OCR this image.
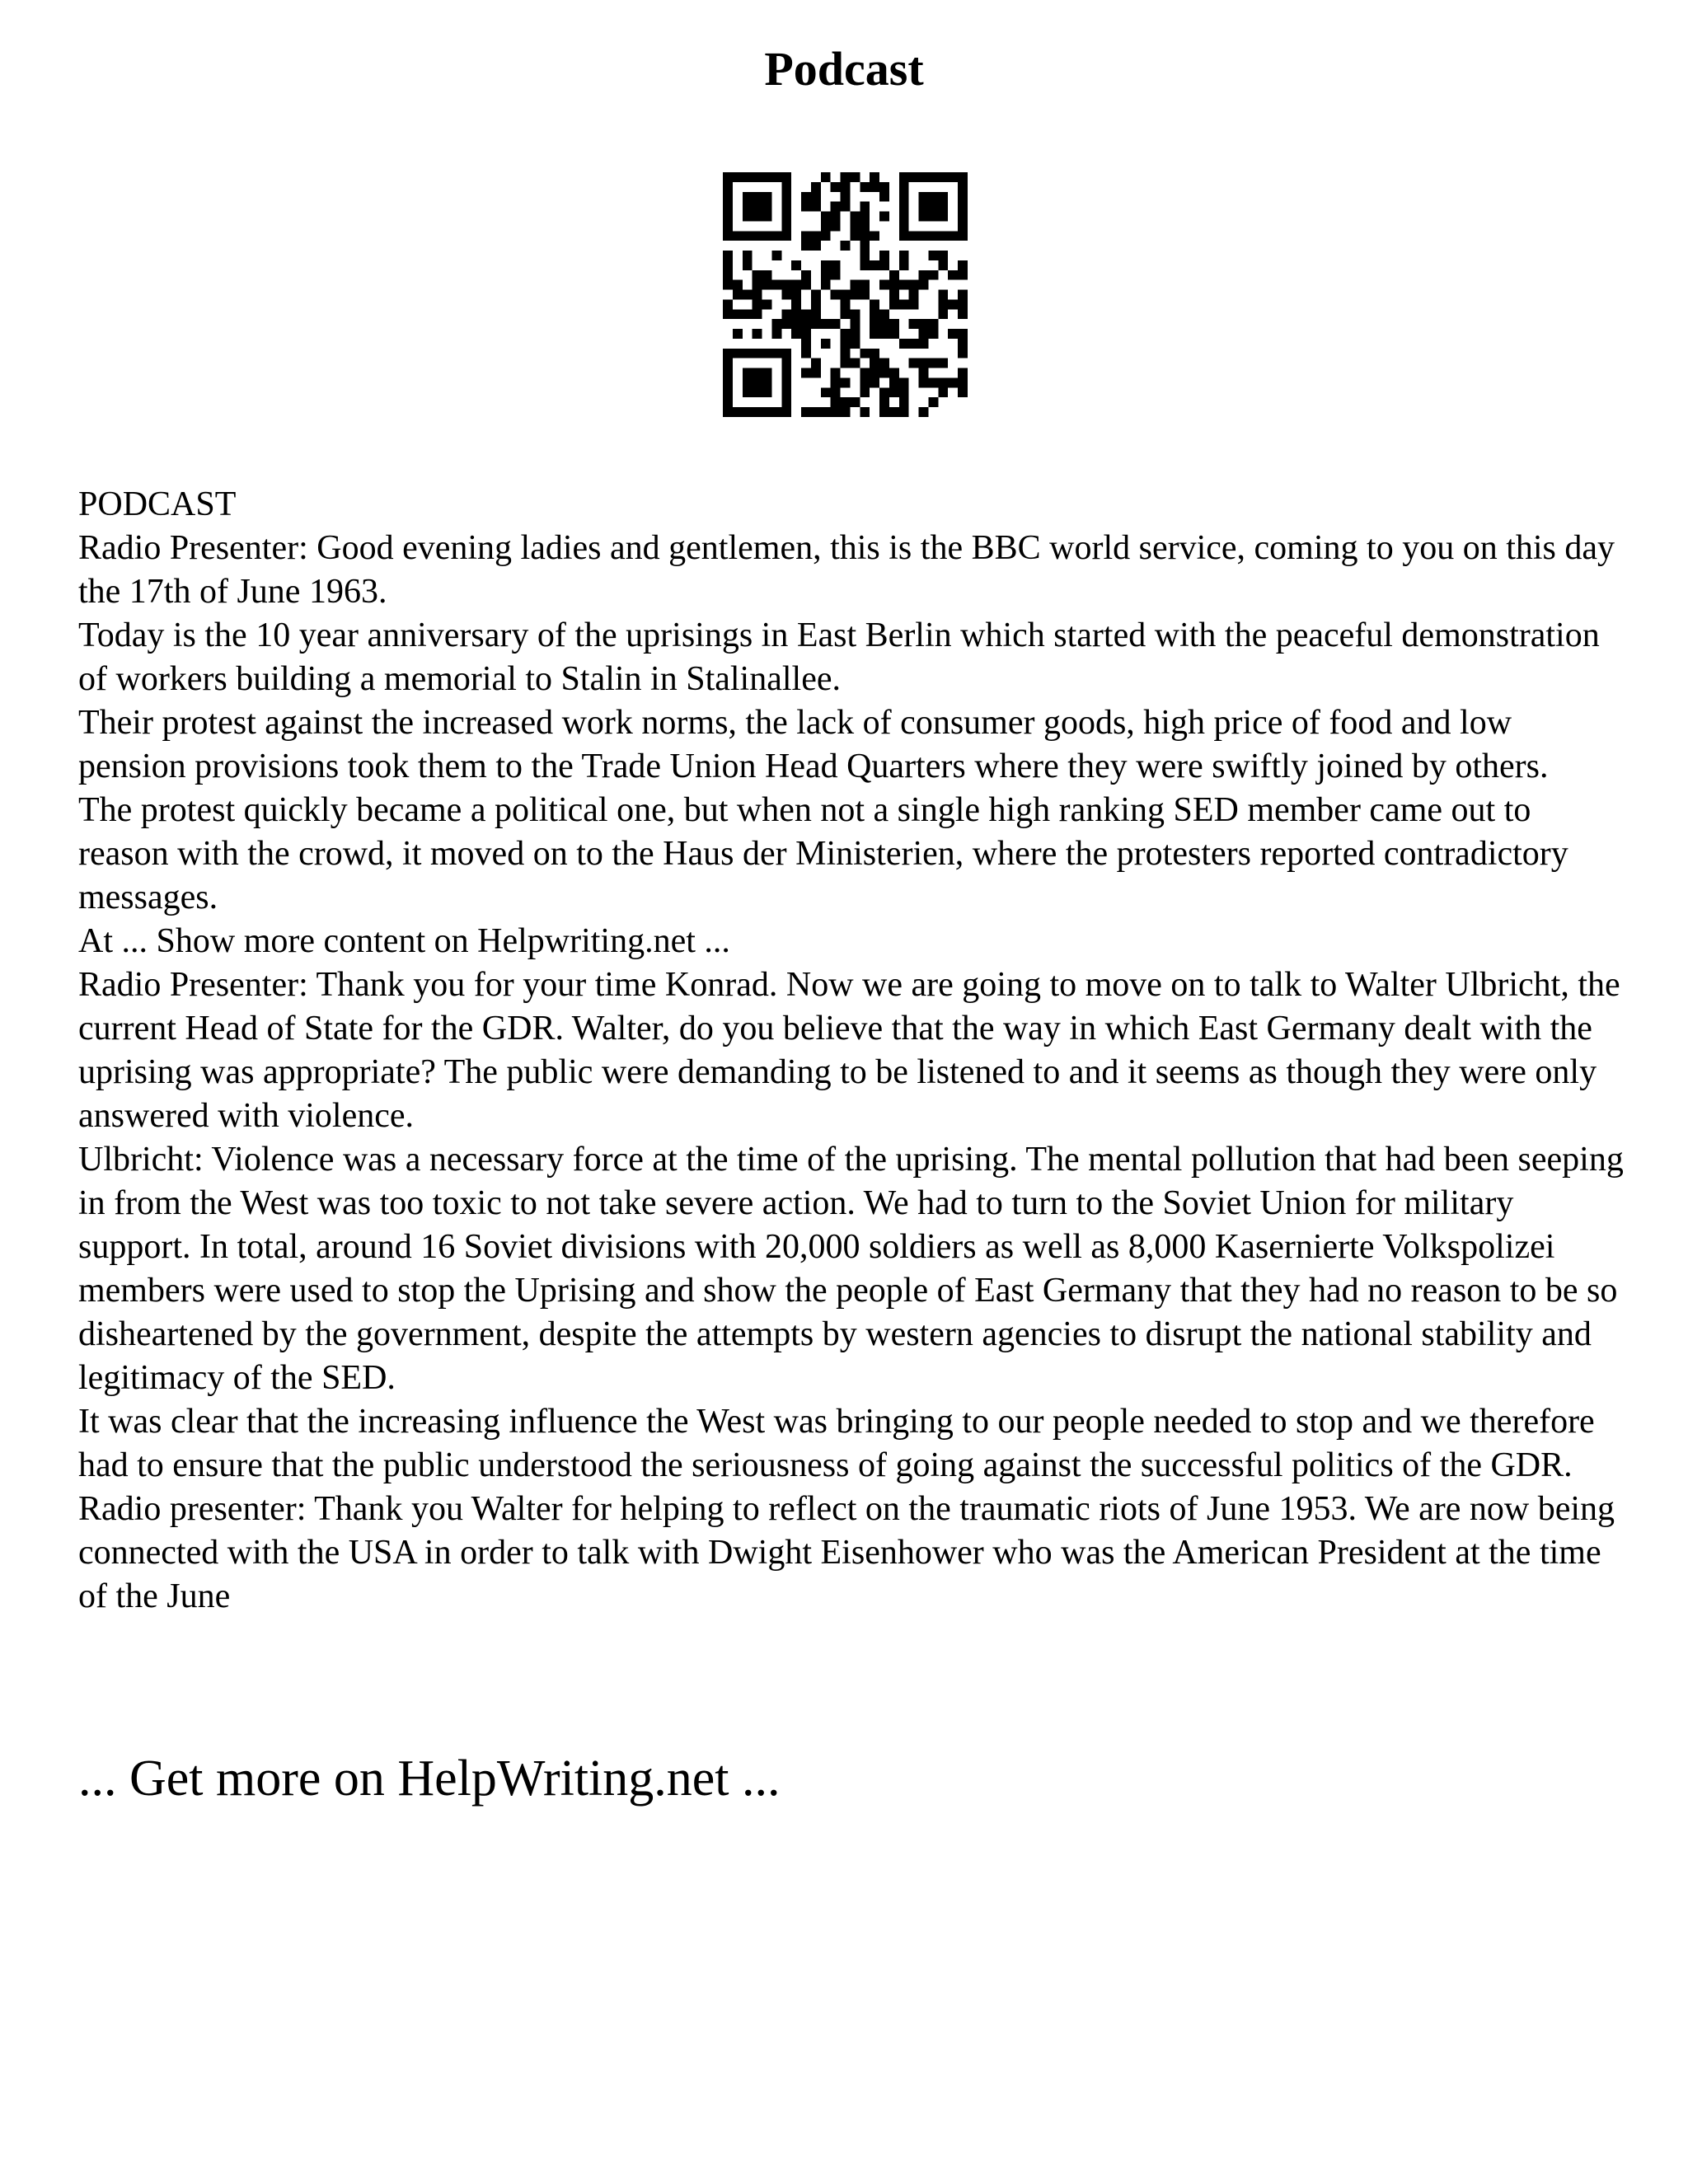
Podcast

PODCAST

Radio Presenter: Good evening ladies and gentlemen, this is the BBC world service, coming to you on this day the 17th of June 1963.

Today is the 10 year anniversary of the uprisings in East Berlin which started with the peaceful demonstration of workers building a memorial to Stalin in Stalinallee.

Their protest against the increased work norms, the lack of consumer goods, high price of food and low pension provisions took them to the Trade Union Head Quarters where they were swiftly joined by others.

The protest quickly became a political one, but when not a single high ranking SED member came out to reason with the crowd, it moved on to the Haus der Ministerien, where the protesters reported contradictory messages.

At ... Show more content on Helpwriting.net ...

Radio Presenter: Thank you for your time Konrad. Now we are going to move on to talk to Walter Ulbricht, the current Head of State for the GDR. Walter, do you believe that the way in which East Germany dealt with the uprising was appropriate? The public were demanding to be listened to and it seems as though they were only answered with violence.

Ulbricht: Violence was a necessary force at the time of the uprising. The mental pollution that had been seeping in from the West was too toxic to not take severe action. We had to turn to the Soviet Union for military support. In total, around 16 Soviet divisions with 20,000 soldiers as well as 8,000 Kasernierte Volkspolizei members were used to stop the Uprising and show the people of East Germany that they had no reason to be so disheartened by the government, despite the attempts by western agencies to disrupt the national stability and legitimacy of the SED.

It was clear that the increasing influence the West was bringing to our people needed to stop and we therefore had to ensure that the public understood the seriousness of going against the successful politics of the GDR.

Radio presenter: Thank you Walter for helping to reflect on the traumatic riots of June 1953. We are now being connected with the USA in order to talk with Dwight Eisenhower who was the American President at the time of the June

... Get more on HelpWriting.net ...
